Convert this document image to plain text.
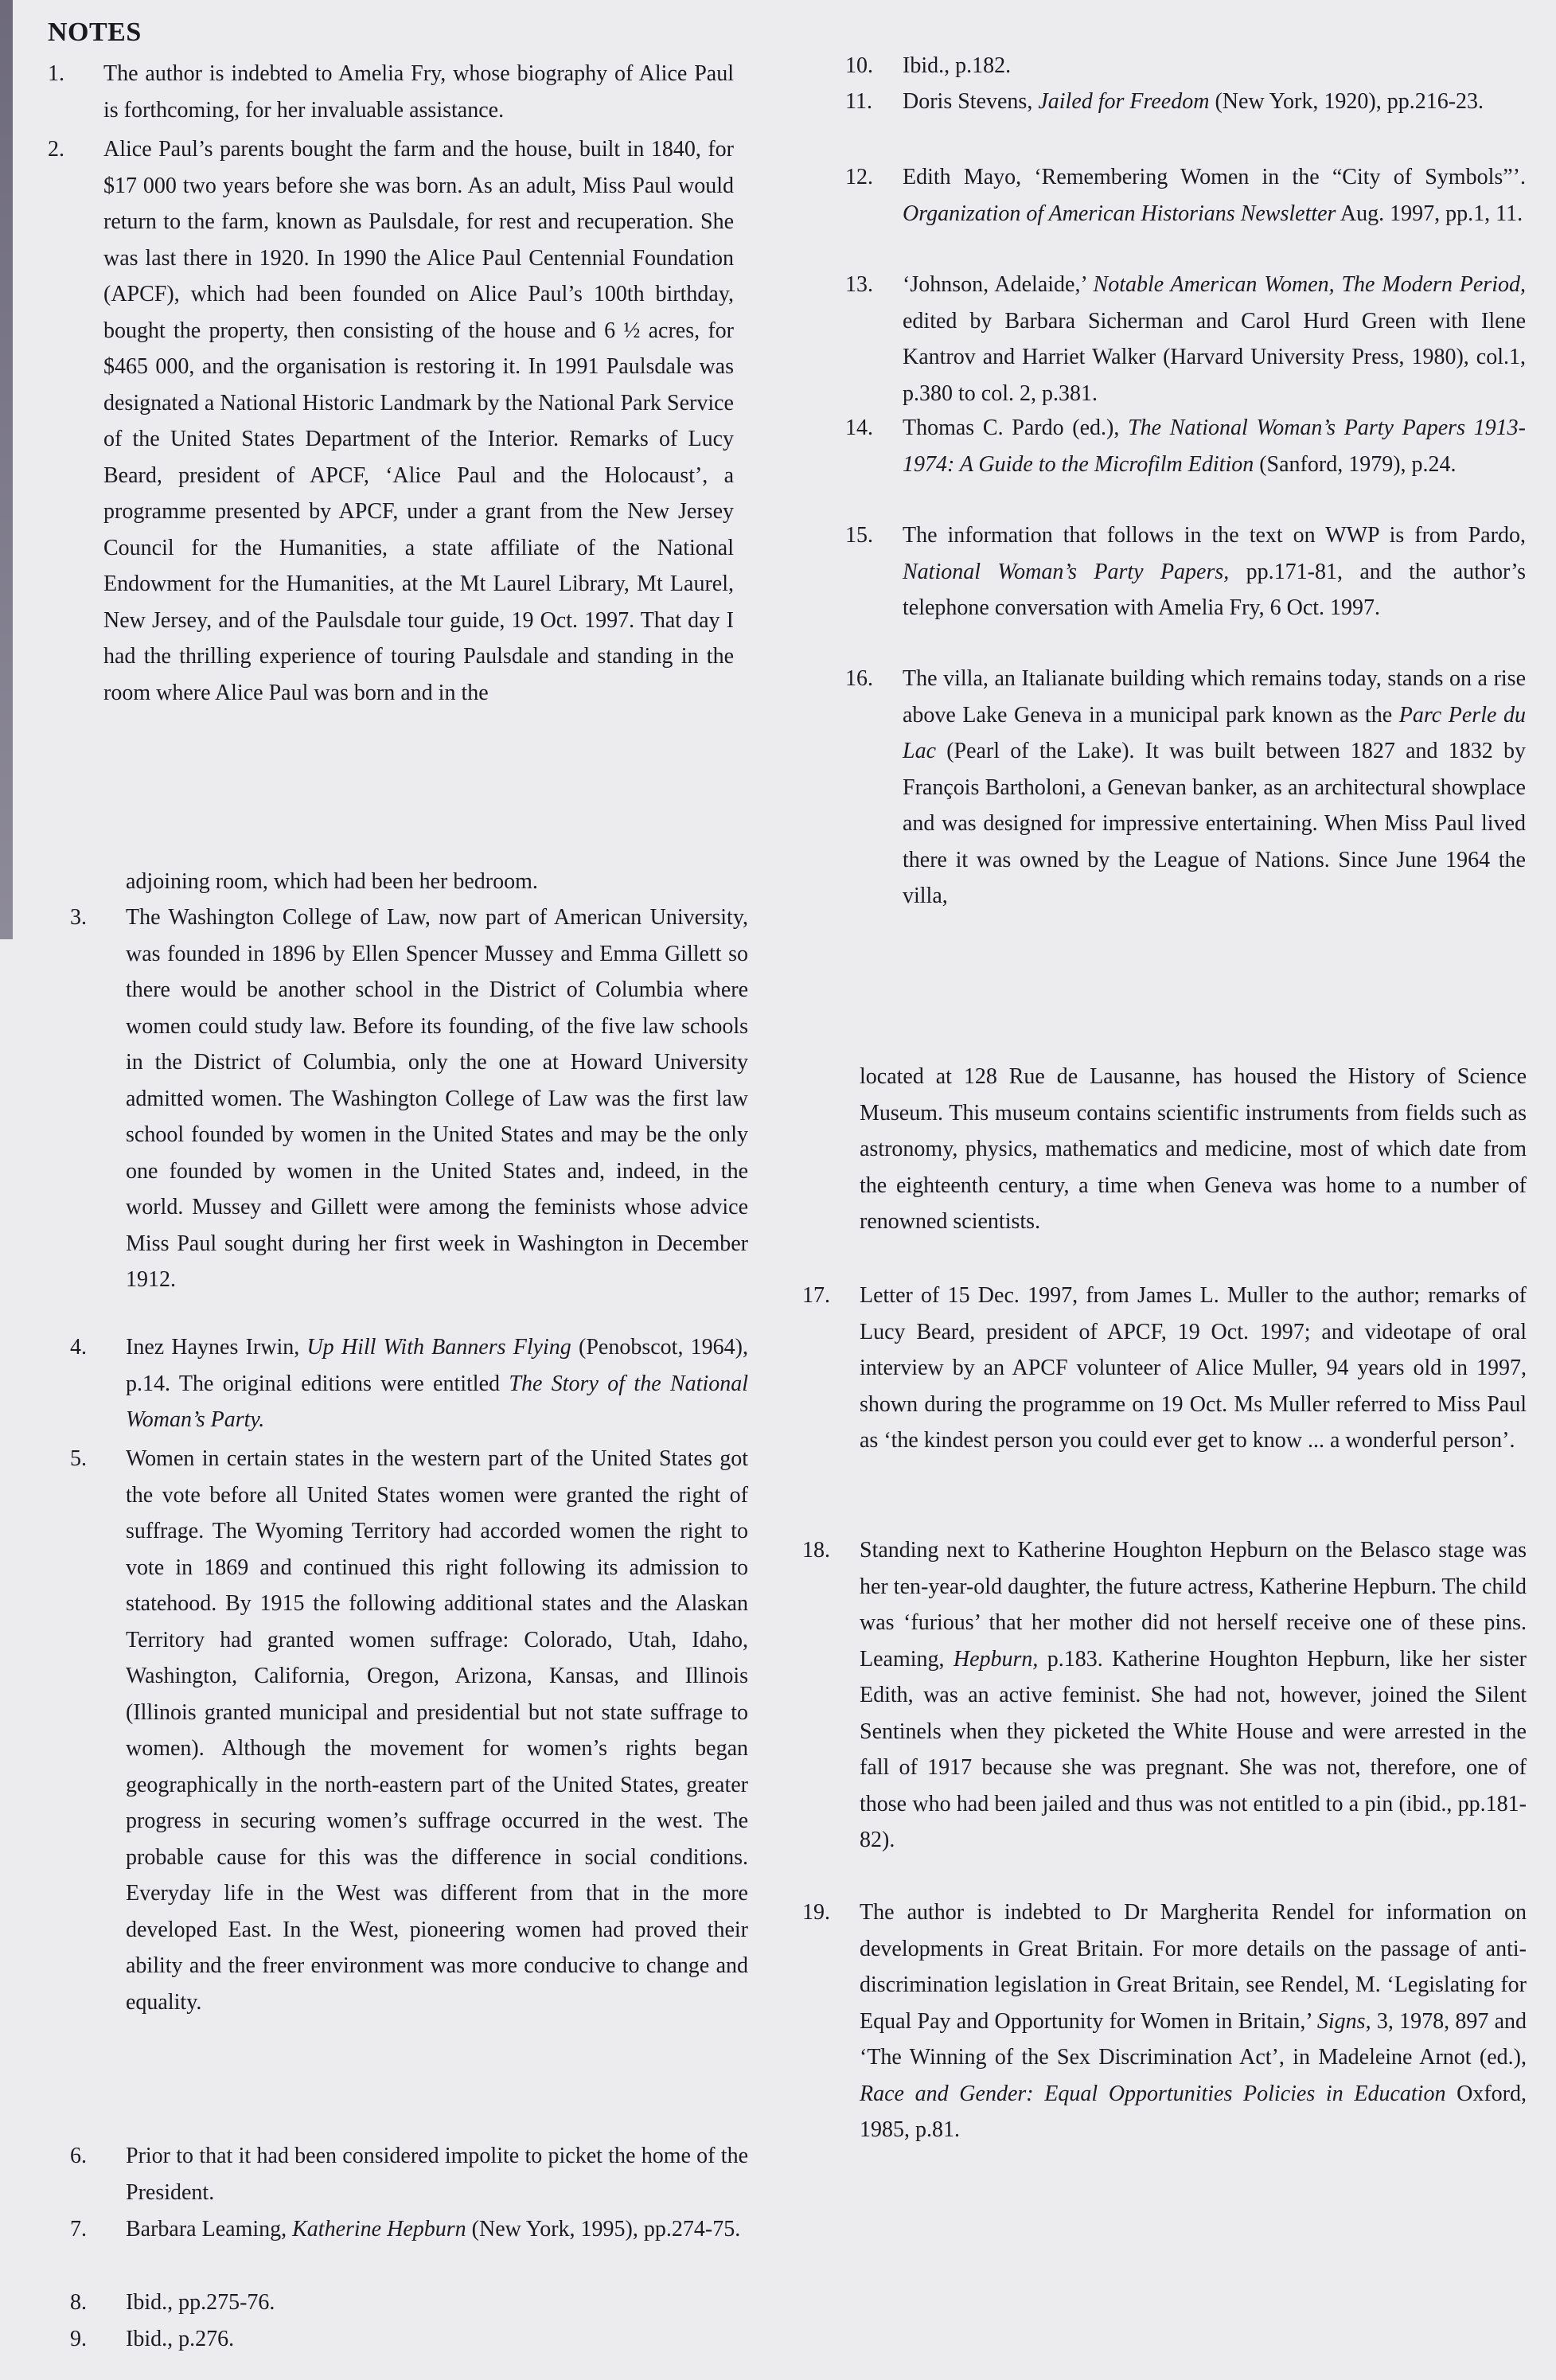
NOTES
1. The author is indebted to Amelia Fry, whose biography of Alice Paul is forthcoming, for her invaluable assistance.

2. Alice Paul’s parents bought the farm and the house, built in 1840, for $17 000 two years before she was born. As an adult, Miss Paul would return to the farm, known as Paulsdale, for rest and recuperation. She was last there in 1920. In 1990 the Alice Paul Centennial Foundation (APCF), which had been founded on Alice Paul’s 100th birthday, bought the property, then consisting of the house and 6 ½ acres, for $465 000, and the organisation is restoring it. In 1991 Paulsdale was designated a National Historic Landmark by the National Park Service of the United States Department of the Interior. Remarks of Lucy Beard, president of APCF, ‘Alice Paul and the Holocaust’, a programme presented by APCF, under a grant from the New Jersey Council for the Humanities, a state affiliate of the National Endowment for the Humanities, at the Mt Laurel Library, Mt Laurel, New Jersey, and of the Paulsdale tour guide, 19 Oct. 1997. That day I had the thrilling experience of touring Paulsdale and standing in the room where Alice Paul was born and in the

adjoining room, which had been her bedroom.

3. The Washington College of Law, now part of American University, was founded in 1896 by Ellen Spencer Mussey and Emma Gillett so there would be another school in the District of Columbia where women could study law. Before its founding, of the five law schools in the District of Columbia, only the one at Howard University admitted women. The Washington College of Law was the first law school founded by women in the United States and may be the only one founded by women in the United States and, indeed, in the world. Mussey and Gillett were among the feminists whose advice Miss Paul sought during her first week in Washington in December 1912.

4. Inez Haynes Irwin, Up Hill With Banners Flying (Penobscot, 1964), p.14. The original editions were entitled The Story of the National Woman’s Party.

5. Women in certain states in the western part of the United States got the vote before all United States women were granted the right of suffrage. The Wyoming Territory had accorded women the right to vote in 1869 and continued this right following its admission to statehood. By 1915 the following additional states and the Alaskan Territory had granted women suffrage: Colorado, Utah, Idaho, Washington, California, Oregon, Arizona, Kansas, and Illinois (Illinois granted municipal and presidential but not state suffrage to women). Although the movement for women’s rights began geographically in the north-eastern part of the United States, greater progress in securing women’s suffrage occurred in the west. The probable cause for this was the difference in social conditions. Everyday life in the West was different from that in the more developed East. In the West, pioneering women had proved their ability and the freer environment was more conducive to change and equality.

6. Prior to that it had been considered impolite to picket the home of the President.

7. Barbara Leaming, Katherine Hepburn (New York, 1995), pp.274-75.

8. Ibid., pp.275-76.

9. Ibid., p.276.

10. Ibid., p.182.

11. Doris Stevens, Jailed for Freedom (New York, 1920), pp.216-23.

12. Edith Mayo, ‘Remembering Women in the “City of Symbols”’. Organization of American Historians Newsletter Aug. 1997, pp.1, 11.

13. ‘Johnson, Adelaide,’ Notable American Women, The Modern Period, edited by Barbara Sicherman and Carol Hurd Green with Ilene Kantrov and Harriet Walker (Harvard University Press, 1980), col.1, p.380 to col. 2, p.381.

14. Thomas C. Pardo (ed.), The National Woman’s Party Papers 1913-1974: A Guide to the Microfilm Edition (Sanford, 1979), p.24.

15. The information that follows in the text on WWP is from Pardo, National Woman’s Party Papers, pp.171-81, and the author’s telephone conversation with Amelia Fry, 6 Oct. 1997.

16. The villa, an Italianate building which remains today, stands on a rise above Lake Geneva in a municipal park known as the Parc Perle du Lac (Pearl of the Lake). It was built between 1827 and 1832 by François Bartholoni, a Genevan banker, as an architectural showplace and was designed for impressive entertaining. When Miss Paul lived there it was owned by the League of Nations. Since June 1964 the villa,

located at 128 Rue de Lausanne, has housed the History of Science Museum. This museum contains scientific instruments from fields such as astronomy, physics, mathematics and medicine, most of which date from the eighteenth century, a time when Geneva was home to a number of renowned scientists.

17. Letter of 15 Dec. 1997, from James L. Muller to the author; remarks of Lucy Beard, president of APCF, 19 Oct. 1997; and videotape of oral interview by an APCF volunteer of Alice Muller, 94 years old in 1997, shown during the programme on 19 Oct. Ms Muller referred to Miss Paul as ‘the kindest person you could ever get to know ... a wonderful person’.

18. Standing next to Katherine Houghton Hepburn on the Belasco stage was her ten-year-old daughter, the future actress, Katherine Hepburn. The child was ‘furious’ that her mother did not herself receive one of these pins. Leaming, Hepburn, p.183. Katherine Houghton Hepburn, like her sister Edith, was an active feminist. She had not, however, joined the Silent Sentinels when they picketed the White House and were arrested in the fall of 1917 because she was pregnant. She was not, therefore, one of those who had been jailed and thus was not entitled to a pin (ibid., pp.181-82).

19. The author is indebted to Dr Margherita Rendel for information on developments in Great Britain. For more details on the passage of anti-discrimination legislation in Great Britain, see Rendel, M. ‘Legislating for Equal Pay and Opportunity for Women in Britain,’ Signs, 3, 1978, 897 and ‘The Winning of the Sex Discrimination Act’, in Madeleine Arnot (ed.), Race and Gender: Equal Opportunities Policies in Education Oxford, 1985, p.81.
